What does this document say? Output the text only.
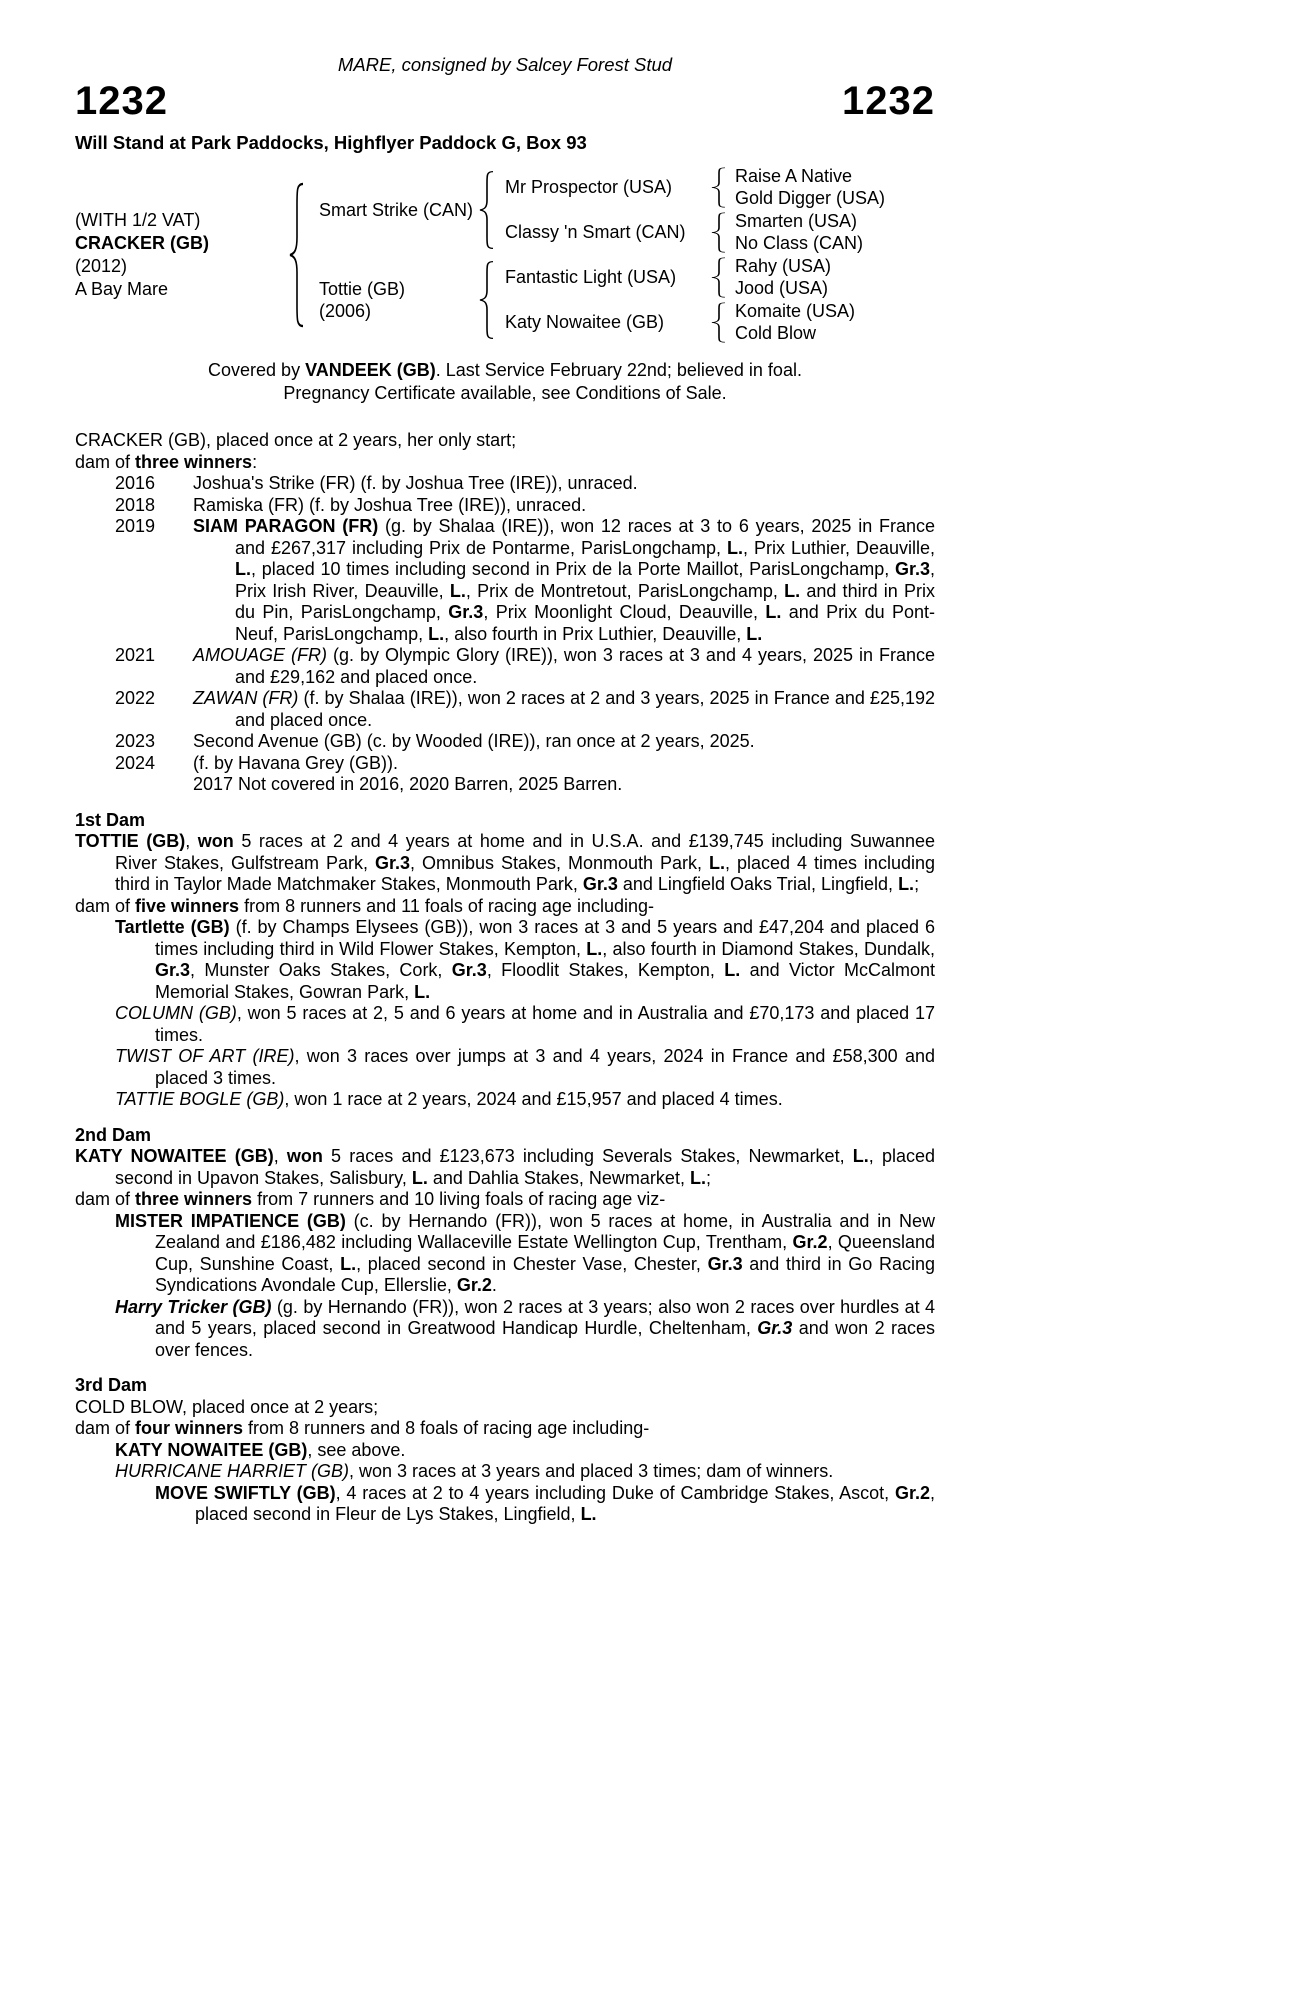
MARE, consigned by Salcey Forest Stud
1232	1232
Will Stand at Park Paddocks, Highflyer Paddock G, Box 93
(WITH 1/2 VAT)
CRACKER (GB)
(2012)
A Bay Mare
Smart Strike (CAN)
Mr Prospector (USA)
Raise A Native
Gold Digger (USA)
Classy 'n Smart (CAN)
Smarten (USA)
No Class (CAN)
Tottie (GB)
(2006)
Fantastic Light (USA)
Rahy (USA)
Jood (USA)
Katy Nowaitee (GB)
Komaite (USA)
Cold Blow
Covered by VANDEEK (GB). Last Service February 22nd; believed in foal.
Pregnancy Certificate available, see Conditions of Sale.
CRACKER (GB), placed once at 2 years, her only start;
dam of three winners:
2016	Joshua's Strike (FR) (f. by Joshua Tree (IRE)), unraced.
2018	Ramiska (FR) (f. by Joshua Tree (IRE)), unraced.
2019	SIAM PARAGON (FR) (g. by Shalaa (IRE)), won 12 races at 3 to 6 years, 2025 in France and £267,317 including Prix de Pontarme, ParisLongchamp, L., Prix Luthier, Deauville, L., placed 10 times including second in Prix de la Porte Maillot, ParisLongchamp, Gr.3, Prix Irish River, Deauville, L., Prix de Montretout, ParisLongchamp, L. and third in Prix du Pin, ParisLongchamp, Gr.3, Prix Moonlight Cloud, Deauville, L. and Prix du Pont-Neuf, ParisLongchamp, L., also fourth in Prix Luthier, Deauville, L.
2021	AMOUAGE (FR) (g. by Olympic Glory (IRE)), won 3 races at 3 and 4 years, 2025 in France and £29,162 and placed once.
2022	ZAWAN (FR) (f. by Shalaa (IRE)), won 2 races at 2 and 3 years, 2025 in France and £25,192 and placed once.
2023	Second Avenue (GB) (c. by Wooded (IRE)), ran once at 2 years, 2025.
2024	(f. by Havana Grey (GB)).
2017 Not covered in 2016, 2020 Barren, 2025 Barren.
1st Dam
TOTTIE (GB), won 5 races at 2 and 4 years at home and in U.S.A. and £139,745 including Suwannee River Stakes, Gulfstream Park, Gr.3, Omnibus Stakes, Monmouth Park, L., placed 4 times including third in Taylor Made Matchmaker Stakes, Monmouth Park, Gr.3 and Lingfield Oaks Trial, Lingfield, L.;
dam of five winners from 8 runners and 11 foals of racing age including-
Tartlette (GB) (f. by Champs Elysees (GB)), won 3 races at 3 and 5 years and £47,204 and placed 6 times including third in Wild Flower Stakes, Kempton, L., also fourth in Diamond Stakes, Dundalk, Gr.3, Munster Oaks Stakes, Cork, Gr.3, Floodlit Stakes, Kempton, L. and Victor McCalmont Memorial Stakes, Gowran Park, L.
COLUMN (GB), won 5 races at 2, 5 and 6 years at home and in Australia and £70,173 and placed 17 times.
TWIST OF ART (IRE), won 3 races over jumps at 3 and 4 years, 2024 in France and £58,300 and placed 3 times.
TATTIE BOGLE (GB), won 1 race at 2 years, 2024 and £15,957 and placed 4 times.
2nd Dam
KATY NOWAITEE (GB), won 5 races and £123,673 including Severals Stakes, Newmarket, L., placed second in Upavon Stakes, Salisbury, L. and Dahlia Stakes, Newmarket, L.;
dam of three winners from 7 runners and 10 living foals of racing age viz-
MISTER IMPATIENCE (GB) (c. by Hernando (FR)), won 5 races at home, in Australia and in New Zealand and £186,482 including Wallaceville Estate Wellington Cup, Trentham, Gr.2, Queensland Cup, Sunshine Coast, L., placed second in Chester Vase, Chester, Gr.3 and third in Go Racing Syndications Avondale Cup, Ellerslie, Gr.2.
Harry Tricker (GB) (g. by Hernando (FR)), won 2 races at 3 years; also won 2 races over hurdles at 4 and 5 years, placed second in Greatwood Handicap Hurdle, Cheltenham, Gr.3 and won 2 races over fences.
3rd Dam
COLD BLOW, placed once at 2 years;
dam of four winners from 8 runners and 8 foals of racing age including-
KATY NOWAITEE (GB), see above.
HURRICANE HARRIET (GB), won 3 races at 3 years and placed 3 times; dam of winners.
MOVE SWIFTLY (GB), 4 races at 2 to 4 years including Duke of Cambridge Stakes, Ascot, Gr.2, placed second in Fleur de Lys Stakes, Lingfield, L.
